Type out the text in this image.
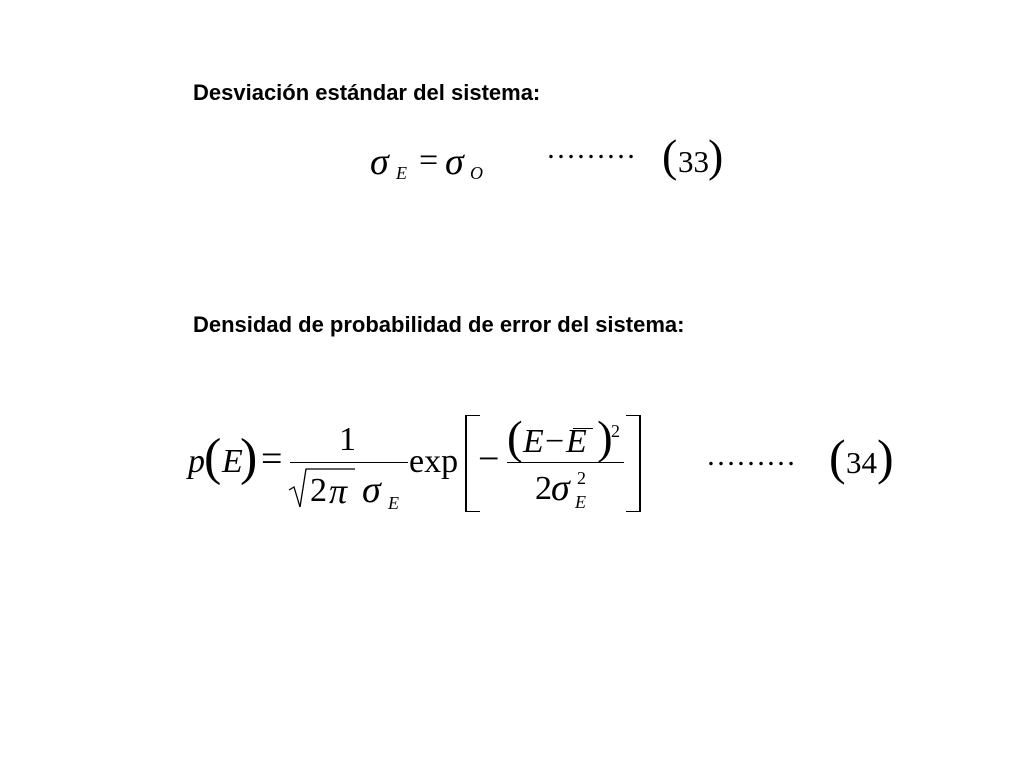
Desviación estándar del sistema:
σ E = σ O
……… ( 33 )
Densidad de probabilidad de error del sistema:
p ( E
) = 1
2 π σ E
exp − ( E − E )
2
2 σ 2
E
……… ( 34 )
